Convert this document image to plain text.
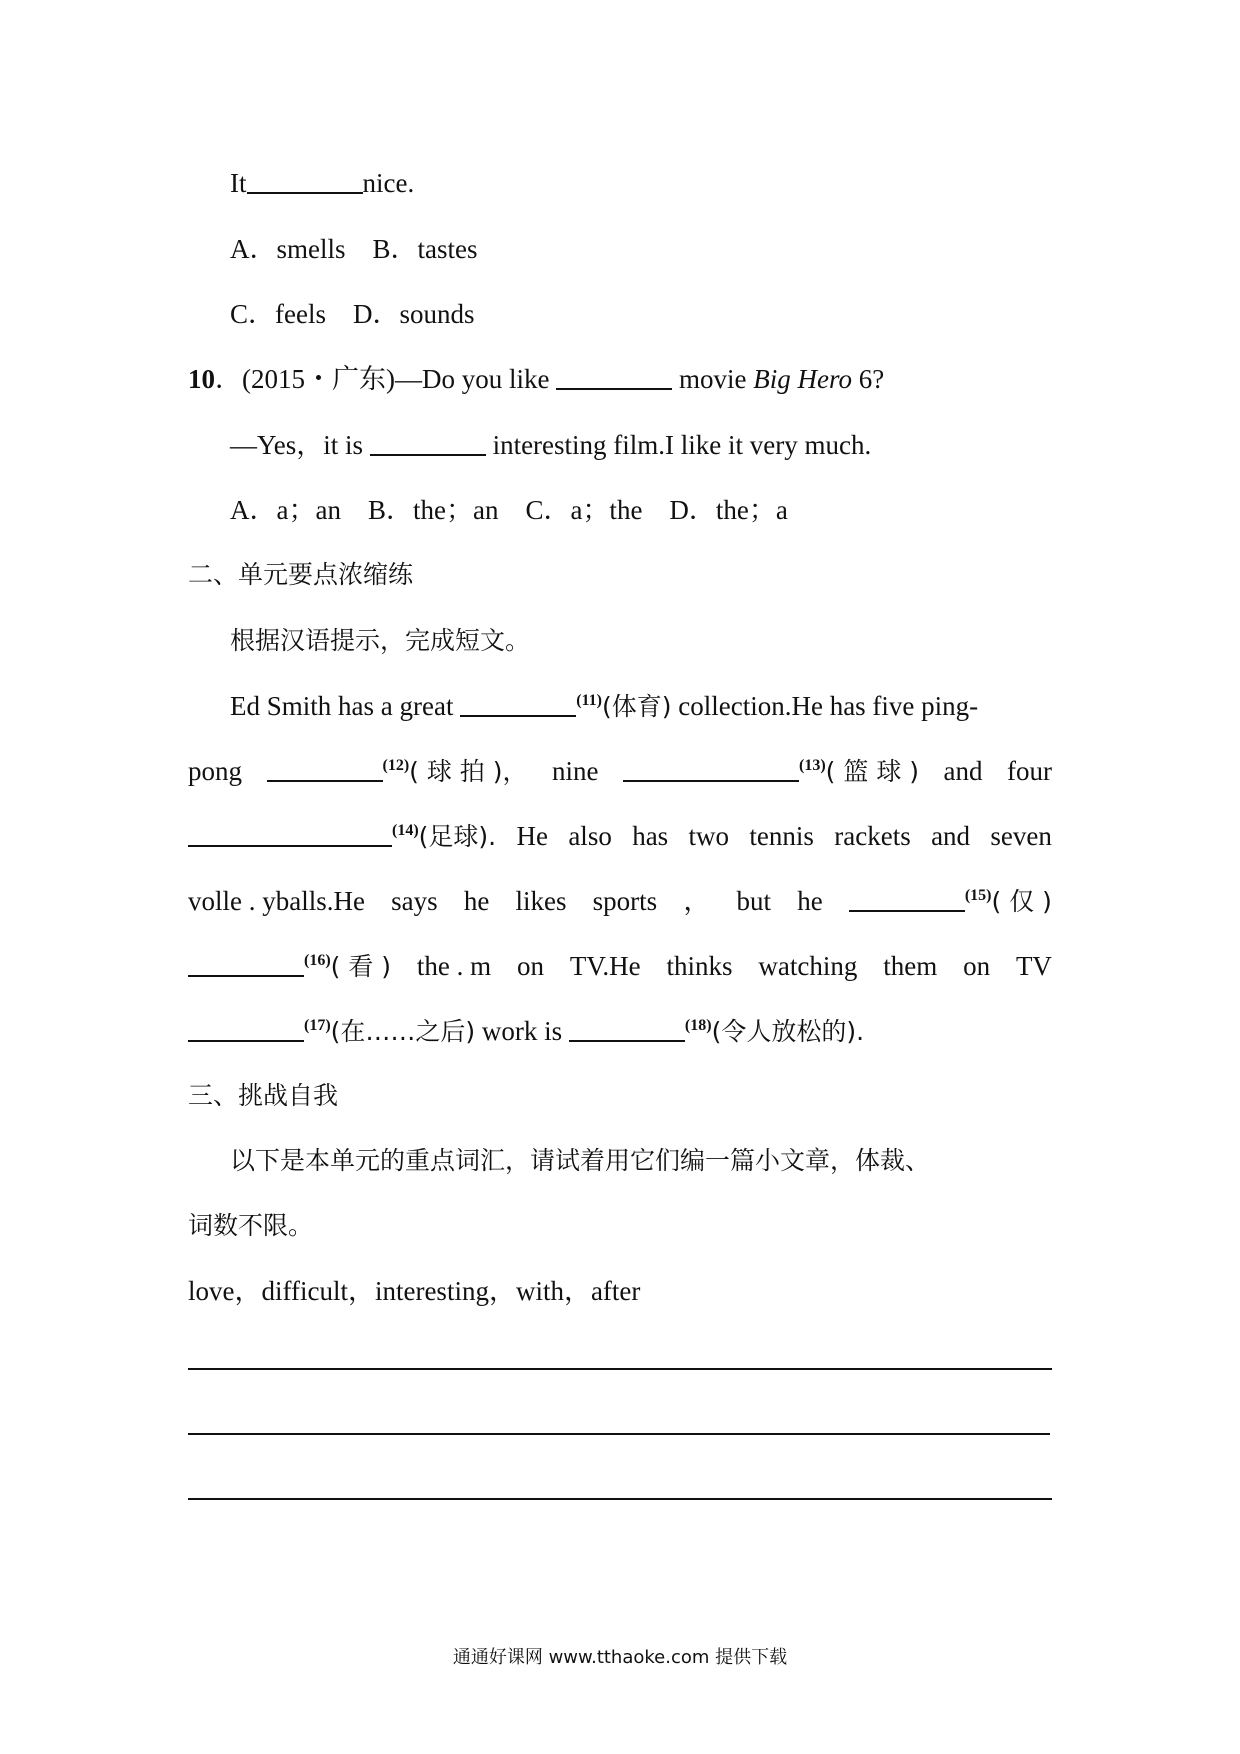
It	nice.
A．smells　B．tastes
C．feels　D．sounds
10．(2015・广东)—Do you like	movie Big Hero 6?
—Yes，it is	interesting film.I like it very much.
A．a；an　B．the；an　C．a；the　D．the；a
二、单元要点浓缩练
根据汉语提示，完成短文。
Ed Smith has a great	$^{(11)}$(体育) collection.He has five ping-
pong	$^{(12)}$( 球 拍 )， nine	$^{(13)}$( 篮 球 ) and four
$^{(14)}$(足球). He also has two tennis rackets and seven
volle . yballs.He says he likes sports ， but he	$^{(15)}$( 仅 )
$^{(16)}$( 看 ) the . m on TV.He thinks watching them on TV
$^{(17)}$(在……之后) work is	$^{(18)}$(令人放松的).
三、挑战自我
以下是本单元的重点词汇，请试着用它们编一篇小文章，体裁、
词数不限。
love，difficult，interesting，with，after
通通好课网 www.tthaoke.com 提供下载
